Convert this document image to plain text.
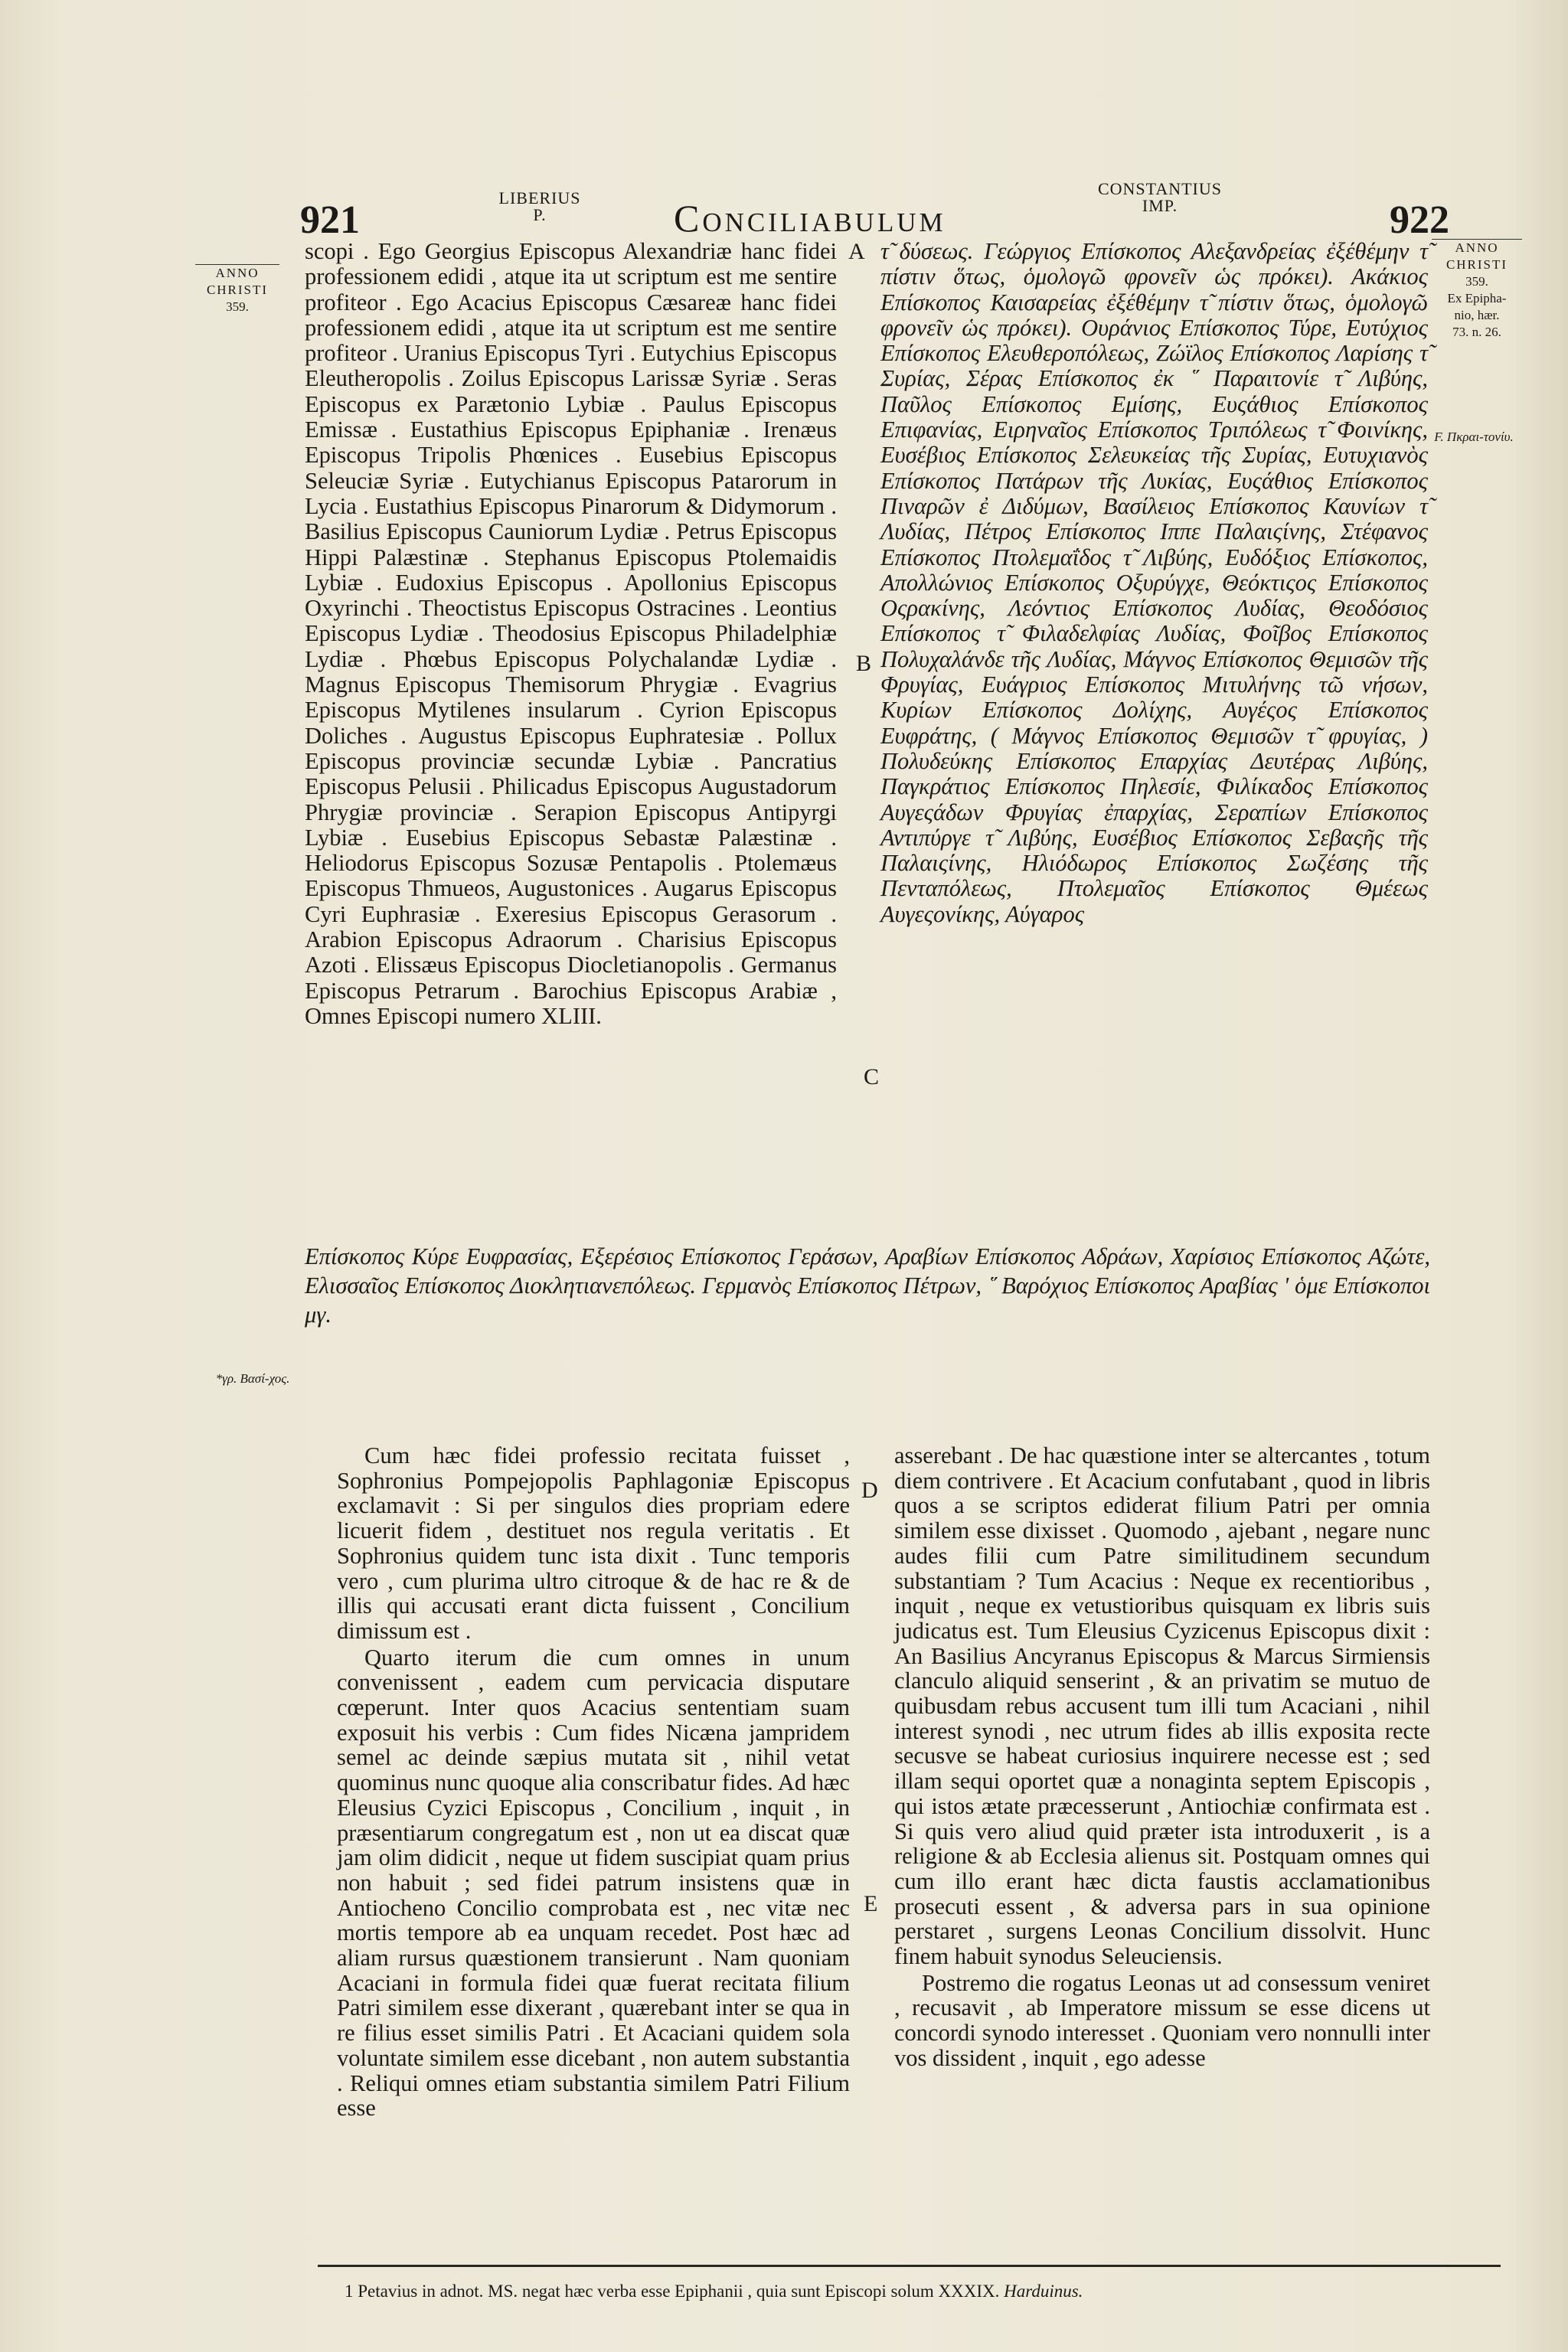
921
LIBERIUS
P.	Conciliabulum
CONSTANTIUS
IMP.	922
ANNO
CHRISTI
359.
ANNO
CHRISTI
359.
Ex Epipha-
nio, hær.
73. n. 26.
F. Πκραι-τονίυ.
*γρ. Βασί-χος.
A
B
C
D
E

scopi . Ego Georgius Episcopus Alexandriæ hanc fidei professionem edidi , atque ita ut scriptum est me sentire profiteor . Ego Acacius Episcopus Cæsareæ hanc fidei professionem edidi , atque ita ut scriptum est me sentire profiteor . Uranius Episcopus Tyri . Eutychius Episcopus Eleutheropolis . Zoilus Episcopus Larissæ Syriæ . Seras Episcopus ex Parætonio Lybiæ . Paulus Episcopus Emissæ . Eustathius Episcopus Epiphaniæ . Irenæus Episcopus Tripolis Phœnices . Eusebius Episcopus Seleuciæ Syriæ . Eutychianus Episcopus Patarorum in Lycia . Eustathius Episcopus Pinarorum & Didymorum . Basilius Episcopus Cauniorum Lydiæ . Petrus Episcopus Hippi Palæstinæ . Stephanus Episcopus Ptolemaidis Lybiæ . Eudoxius Episcopus . Apollonius Episcopus Oxyrinchi . Theoctistus Episcopus Ostracines . Leontius Episcopus Lydiæ . Theodosius Episcopus Philadelphiæ Lydiæ . Phœbus Episcopus Polychalandæ Lydiæ . Magnus Episcopus Themisorum Phrygiæ . Evagrius Episcopus Mytilenes insularum . Cyrion Episcopus Doliches . Augustus Episcopus Euphratesiæ . Pollux Episcopus provinciæ secundæ Lybiæ . Pancratius Episcopus Pelusii . Philicadus Episcopus Augustadorum Phrygiæ provinciæ . Serapion Episcopus Antipyrgi Lybiæ . Eusebius Episcopus Sebastæ Palæstinæ . Heliodorus Episcopus Sozusæ Pentapolis . Ptolemæus Episcopus Thmueos, Augustonices . Augarus Episcopus Cyri Euphrasiæ . Exeresius Episcopus Gerasorum . Arabion Episcopus Adraorum . Charisius Episcopus Azoti . Elissæus Episcopus Diocletianopolis . Germanus Episcopus Petrarum . Barochius Episcopus Arabiæ , Omnes Episcopi numero XLIII.

τ̃ δύσεως. Γεώργιος Επίσκοπος Αλεξανδρείας ἐξέθέμην τ̃ πίστιν ὅτως, ὁμολογῶ φρονεῖν ὡς πρόκει). Ακάκιος Επίσκοπος Καισαρείας ἐξέθέμην τ̃ πίστιν ὅτως, ὁμολογῶ φρονεῖν ὡς πρόκει). Ουράνιος Επίσκοπος Τύρε, Ευτύχιος Επίσκοπος Ελευθεροπόλεως, Ζώϊλος Επίσκοπος Λαρίσης τ̃ Συρίας, Σέρας Επίσκοπος ἐκ ῞ Παραιτονίε τ̃ Λιβύης, Παῦλος Επίσκοπος Εμίσης, Ευςάθιος Επίσκοπος Επιφανίας, Ειρηναῖος Επίσκοπος Τριπόλεως τ̃ Φοινίκης, Ευσέβιος Επίσκοπος Σελευκείας τῆς Συρίας, Ευτυχιανὸς Επίσκοπος Πατάρων τῆς Λυκίας, Ευςάθιος Επίσκοπος Πιναρῶν ἐ Διδύμων, Βασίλειος Επίσκοπος Καυνίων τ̃ Λυδίας, Πέτρος Επίσκοπος Ιππε Παλαιςίνης, Στέφανος Επίσκοπος Πτολεμαΐδος τ̃ Λιβύης, Ευδόξιος Επίσκοπος, Απολλώνιος Επίσκοπος Οξυρύγχε, Θεόκτιςος Επίσκοπος Οςρακίνης, Λεόντιος Επίσκοπος Λυδίας, Θεοδόσιος Επίσκοπος τ̃ Φιλαδελφίας Λυδίας, Φοῖβος Επίσκοπος Πολυχαλάνδε τῆς Λυδίας, Μάγνος Επίσκοπος Θεμισῶν τῆς Φρυγίας, Ευάγριος Επίσκοπος Μιτυλήνης τῶ νήσων, Κυρίων Επίσκοπος Δολίχης, Αυγέςος Επίσκοπος Ευφράτης, ( Μάγνος Επίσκοπος Θεμισῶν τ̃ φρυγίας, ) Πολυδεύκης Επίσκοπος Επαρχίας Δευτέρας Λιβύης, Παγκράτιος Επίσκοπος Πηλεσίε, Φιλίκαδος Επίσκοπος Αυγεςάδων Φρυγίας ἐπαρχίας, Σεραπίων Επίσκοπος Αντιπύργε τ̃ Λιβύης, Ευσέβιος Επίσκοπος Σεβαςῆς τῆς Παλαιςίνης, Ηλιόδωρος Επίσκοπος Σωζέσης τῆς Πενταπόλεως, Πτολεμαῖος Επίσκοπος Θμέεως Αυγεςονίκης, Αύγαρος

Επίσκοπος Κύρε Ευφρασίας, Εξερέσιος Επίσκοπος Γεράσων, Αραβίων Επίσκοπος Αδράων, Χαρίσιος Επίσκοπος Αζώτε, Ελισσαῖος Επίσκοπος Διοκλητιανεπόλεως. Γερμανὸς Επίσκοπος Πέτρων, ῞ Βαρόχιος Επίσκοπος Αραβίας ' ὁμε Επίσκοποι μγ.

Cum hæc fidei professio recitata fuisset , Sophronius Pompejopolis Paphlagoniæ Episcopus exclamavit : Si per singulos dies propriam edere licuerit fidem , destituet nos regula veritatis . Et Sophronius quidem tunc ista dixit . Tunc temporis vero , cum plurima ultro citroque & de hac re & de illis qui accusati erant dicta fuissent , Concilium dimissum est .

Quarto iterum die cum omnes in unum convenissent , eadem cum pervicacia disputare cœperunt. Inter quos Acacius sententiam suam exposuit his verbis : Cum fides Nicæna jampridem semel ac deinde sæpius mutata sit , nihil vetat quominus nunc quoque alia conscribatur fides. Ad hæc Eleusius Cyzici Episcopus , Concilium , inquit , in præsentiarum congregatum est , non ut ea discat quæ jam olim didicit , neque ut fidem suscipiat quam prius non habuit ; sed fidei patrum insistens quæ in Antiocheno Concilio comprobata est , nec vitæ nec mortis tempore ab ea unquam recedet. Post hæc ad aliam rursus quæstionem transierunt . Nam quoniam Acaciani in formula fidei quæ fuerat recitata filium Patri similem esse dixerant , quærebant inter se qua in re filius esset similis Patri . Et Acaciani quidem sola voluntate similem esse dicebant , non autem substantia . Reliqui omnes etiam substantia similem Patri Filium esse

asserebant . De hac quæstione inter se altercantes , totum diem contrivere . Et Acacium confutabant , quod in libris quos a se scriptos ediderat filium Patri per omnia similem esse dixisset . Quomodo , ajebant , negare nunc audes filii cum Patre similitudinem secundum substantiam ? Tum Acacius : Neque ex recentioribus , inquit , neque ex vetustioribus quisquam ex libris suis judicatus est. Tum Eleusius Cyzicenus Episcopus dixit : An Basilius Ancyranus Episcopus & Marcus Sirmiensis clanculo aliquid senserint , & an privatim se mutuo de quibusdam rebus accusent tum illi tum Acaciani , nihil interest synodi , nec utrum fides ab illis exposita recte secusve se habeat curiosius inquirere necesse est ; sed illam sequi oportet quæ a nonaginta septem Episcopis , qui istos ætate præcesserunt , Antiochiæ confirmata est . Si quis vero aliud quid præter ista introduxerit , is a religione & ab Ecclesia alienus sit. Postquam omnes qui cum illo erant hæc dicta faustis acclamationibus prosecuti essent , & adversa pars in sua opinione perstaret , surgens Leonas Concilium dissolvit. Hunc finem habuit synodus Seleuciensis.

Postremo die rogatus Leonas ut ad consessum veniret , recusavit , ab Imperatore missum se esse dicens ut concordi synodo interesset . Quoniam vero nonnulli inter vos dissident , inquit , ego adesse

1 Petavius in adnot. MS. negat hæc verba esse Epiphanii , quia sunt Episcopi solum XXXIX. Harduinus.
